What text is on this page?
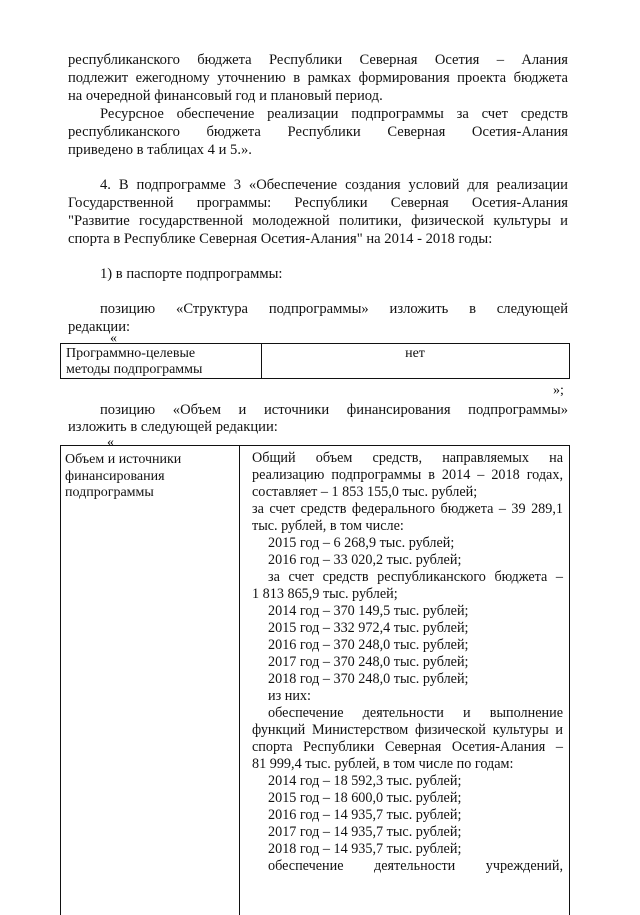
республиканского бюджета Республики Северная Осетия – Алания
подлежит ежегодному уточнению в рамках формирования проекта бюджета
на очередной финансовый год и плановый период.
Ресурсное обеспечение реализации подпрограммы за счет средств
республиканского бюджета Республики Северная Осетия-Алания
приведено в таблицах 4 и 5.».
4. В подпрограмме 3 «Обеспечение создания условий для реализации
Государственной программы: Республики Северная Осетия-Алания
"Развитие государственной молодежной политики, физической культуры и
спорта в Республике Северная Осетия-Алания" на 2014 - 2018 годы:
1) в паспорте подпрограммы:
позицию «Структура подпрограммы» изложить в следующей
редакции:
«
Программно-целевые
методы подпрограммы
нет
»;
позицию «Объем и источники финансирования подпрограммы»
изложить в следующей редакции:
«
Объем и источники
финансирования
подпрограммы
Общий объем средств, направляемых на
реализацию подпрограммы в 2014 – 2018 годах,
составляет – 1 853 155,0 тыс. рублей;
за счет средств федерального бюджета – 39 289,1
тыс. рублей, в том числе:
2015 год – 6 268,9 тыс. рублей;
2016 год – 33 020,2 тыс. рублей;
за счет средств республиканского бюджета –
1 813 865,9 тыс. рублей;
2014 год – 370 149,5 тыс. рублей;
2015 год – 332 972,4 тыс. рублей;
2016 год – 370 248,0 тыс. рублей;
2017 год – 370 248,0 тыс. рублей;
2018 год – 370 248,0 тыс. рублей;
из них:
обеспечение деятельности и выполнение
функций Министерством физической культуры и
спорта Республики Северная Осетия-Алания –
81 999,4 тыс. рублей, в том числе по годам:
2014 год – 18 592,3 тыс. рублей;
2015 год – 18 600,0 тыс. рублей;
2016 год – 14 935,7 тыс. рублей;
2017 год – 14 935,7 тыс. рублей;
2018 год – 14 935,7 тыс. рублей;
обеспечение деятельности учреждений,
